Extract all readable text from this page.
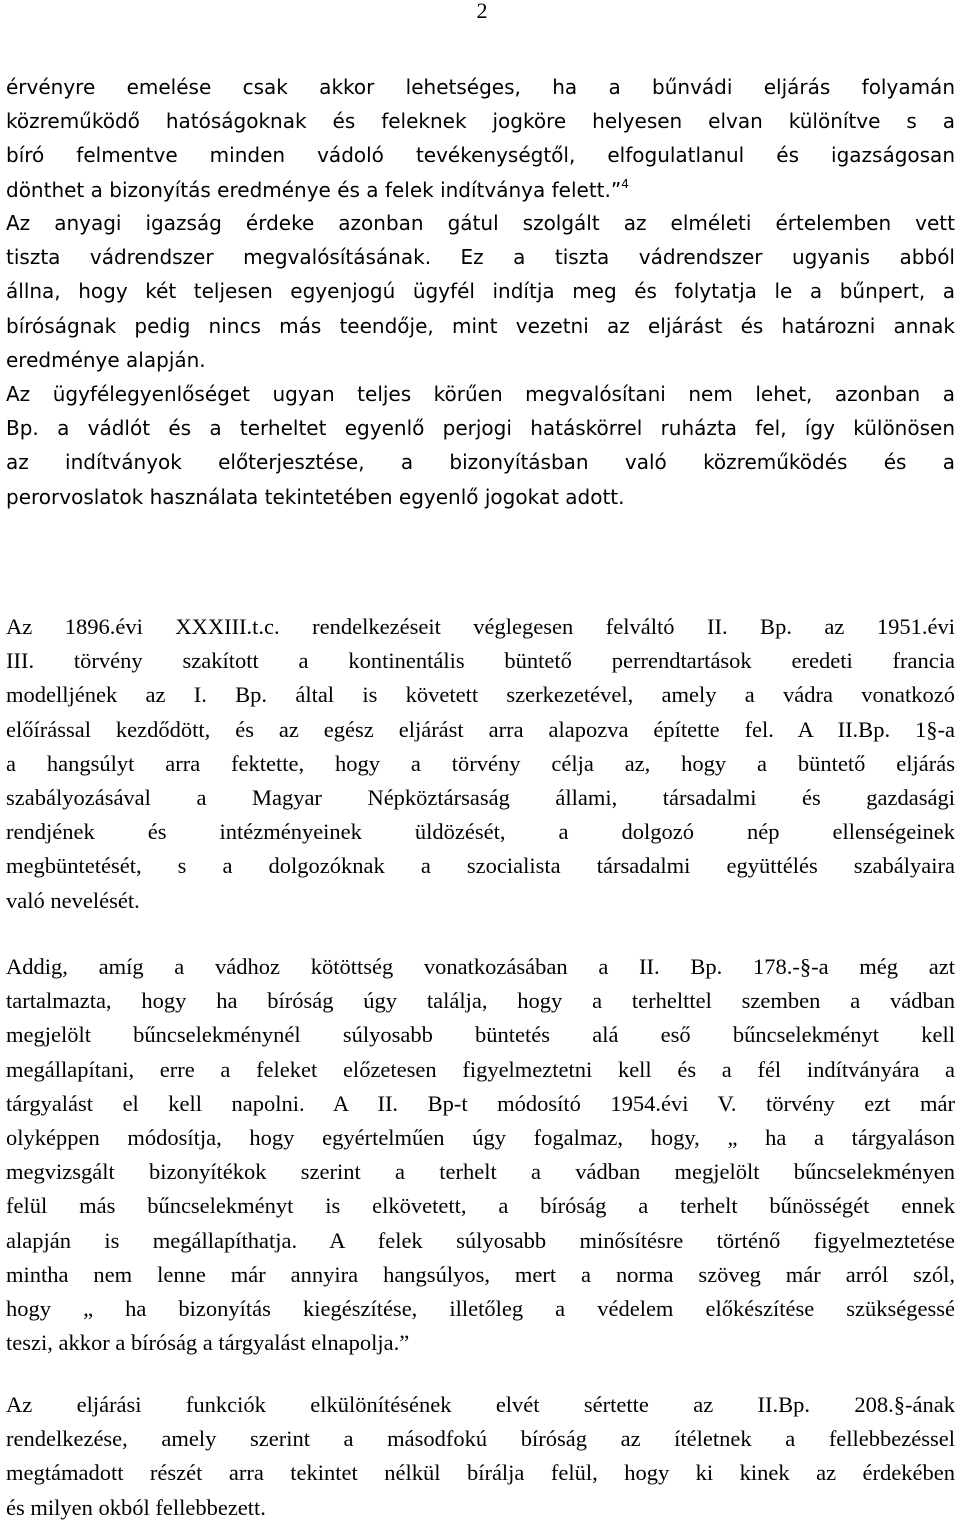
2

érvényre emelése csak akkor lehetséges, ha a bűnvádi eljárás folyamán
közreműködő hatóságoknak és feleknek jogköre helyesen elvan különítve s a
bíró felmentve minden vádoló tevékenységtől, elfogulatlanul és igazságosan
dönthet a bizonyítás eredménye és a felek indítványa felett.”$^4$

Az anyagi igazság érdeke azonban gátul szolgált az elméleti értelemben vett
tiszta vádrendszer megvalósításának. Ez a tiszta vádrendszer ugyanis abból
állna, hogy két teljesen egyenjogú ügyfél indítja meg és folytatja le a bűnpert, a
bíróságnak pedig nincs más teendője, mint vezetni az eljárást és határozni annak
eredménye alapján.
Az ügyfélegyenlőséget ugyan teljes körűen megvalósítani nem lehet, azonban a
Bp. a vádlót és a terheltet egyenlő perjogi hatáskörrel ruházta fel, így különösen
az indítványok előterjesztése, a bizonyításban való közreműködés és a
perorvoslatok használata tekintetében egyenlő jogokat adott.

Az 1896.évi XXXIII.t.c. rendelkezéseit véglegesen felváltó II. Bp. az 1951.évi
III. törvény szakított a kontinentális büntető perrendtartások eredeti francia
modelljének az I. Bp. által is követett szerkezetével, amely a vádra vonatkozó
előírással kezdődött, és az egész eljárást arra alapozva építette fel. A II.Bp. 1§-a
a hangsúlyt arra fektette, hogy a törvény célja az, hogy a büntető eljárás
szabályozásával a Magyar Népköztársaság állami, társadalmi és gazdasági
rendjének és intézményeinek üldözését, a dolgozó nép ellenségeinek
megbüntetését, s a dolgozóknak a szocialista társadalmi együttélés szabályaira
való nevelését.

Addig, amíg a vádhoz kötöttség vonatkozásában a II. Bp. 178.-§-a még azt
tartalmazta, hogy ha bíróság úgy találja, hogy a terhelttel szemben a vádban
megjelölt bűncselekménynél súlyosabb büntetés alá eső bűncselekményt kell
megállapítani, erre a feleket előzetesen figyelmeztetni kell és a fél indítványára a
tárgyalást el kell napolni. A II. Bp-t módosító 1954.évi V. törvény ezt már
olyképpen módosítja, hogy egyértelműen úgy fogalmaz, hogy, „ ha a tárgyaláson
megvizsgált bizonyítékok szerint a terhelt a vádban megjelölt bűncselekményen
felül más bűncselekményt is elkövetett, a bíróság a terhelt bűnösségét ennek
alapján is megállapíthatja. A felek súlyosabb minősítésre történő figyelmeztetése
mintha nem lenne már annyira hangsúlyos, mert a norma szöveg már arról szól,
hogy „ ha bizonyítás kiegészítése, illetőleg a védelem előkészítése szükségessé
teszi, akkor a bíróság a tárgyalást elnapolja.”

Az eljárási funkciók elkülönítésének elvét sértette az II.Bp. 208.§-ának
rendelkezése, amely szerint a másodfokú bíróság az ítéletnek a fellebbezéssel
megtámadott részét arra tekintet nélkül bírálja felül, hogy ki kinek az érdekében
és milyen okból fellebbezett.
